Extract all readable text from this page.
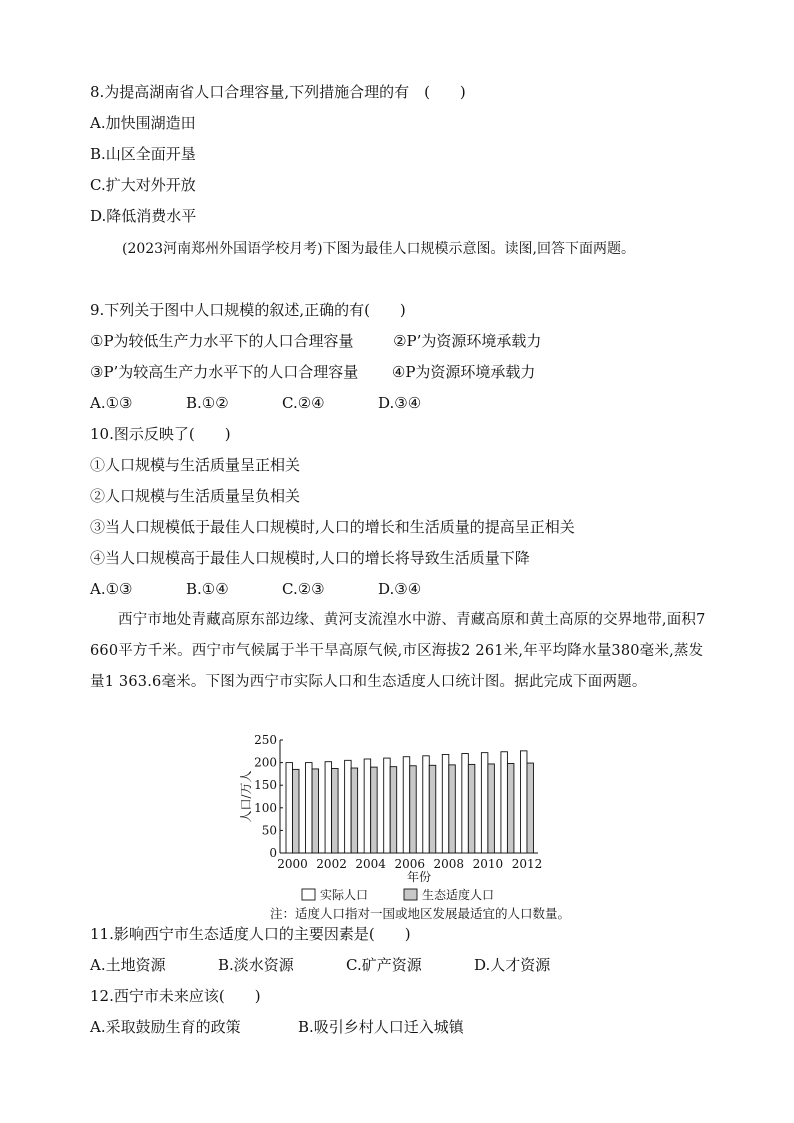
8.为提高湖南省人口合理容量,下列措施合理的有　(　　)
A.加快围湖造田
B.山区全面开垦
C.扩大对外开放
D.降低消费水平
(2023河南郑州外国语学校月考)下图为最佳人口规模示意图。读图,回答下面两题。
9.下列关于图中人口规模的叙述,正确的有(　　)
①P为较低生产力水平下的人口合理容量	②P’为资源环境承载力
③P’为较高生产力水平下的人口合理容量 ④P为资源环境承载力
A.①③	B.①②	C.②④	D.③④
10.图示反映了(　　)
①人口规模与生活质量呈正相关
②人口规模与生活质量呈负相关
③当人口规模低于最佳人口规模时,人口的增长和生活质量的提高呈正相关
④当人口规模高于最佳人口规模时,人口的增长将导致生活质量下降
A.①③	B.①④	C.②③	D.③④
西宁市地处青藏高原东部边缘、黄河支流湟水中游、青藏高原和黄土高原的交界地带,面积7 660平方千米。西宁市气候属于半干旱高原气候,市区海拔2 261米,年平均降水量380毫米,蒸发量1 363.6毫米。下图为西宁市实际人口和生态适度人口统计图。据此完成下面两题。
0
50
100
150
200
250
人口/万人
2000 2002 2004 2006 2008 2010 2012
年份
实际人口	生态适度人口
注：适度人口指对一国或地区发展最适宜的人口数量。
11.影响西宁市生态适度人口的主要因素是(　　)
A.土地资源	B.淡水资源	C.矿产资源	D.人才资源
12.西宁市未来应该(　　)
A.采取鼓励生育的政策	B.吸引乡村人口迁入城镇
